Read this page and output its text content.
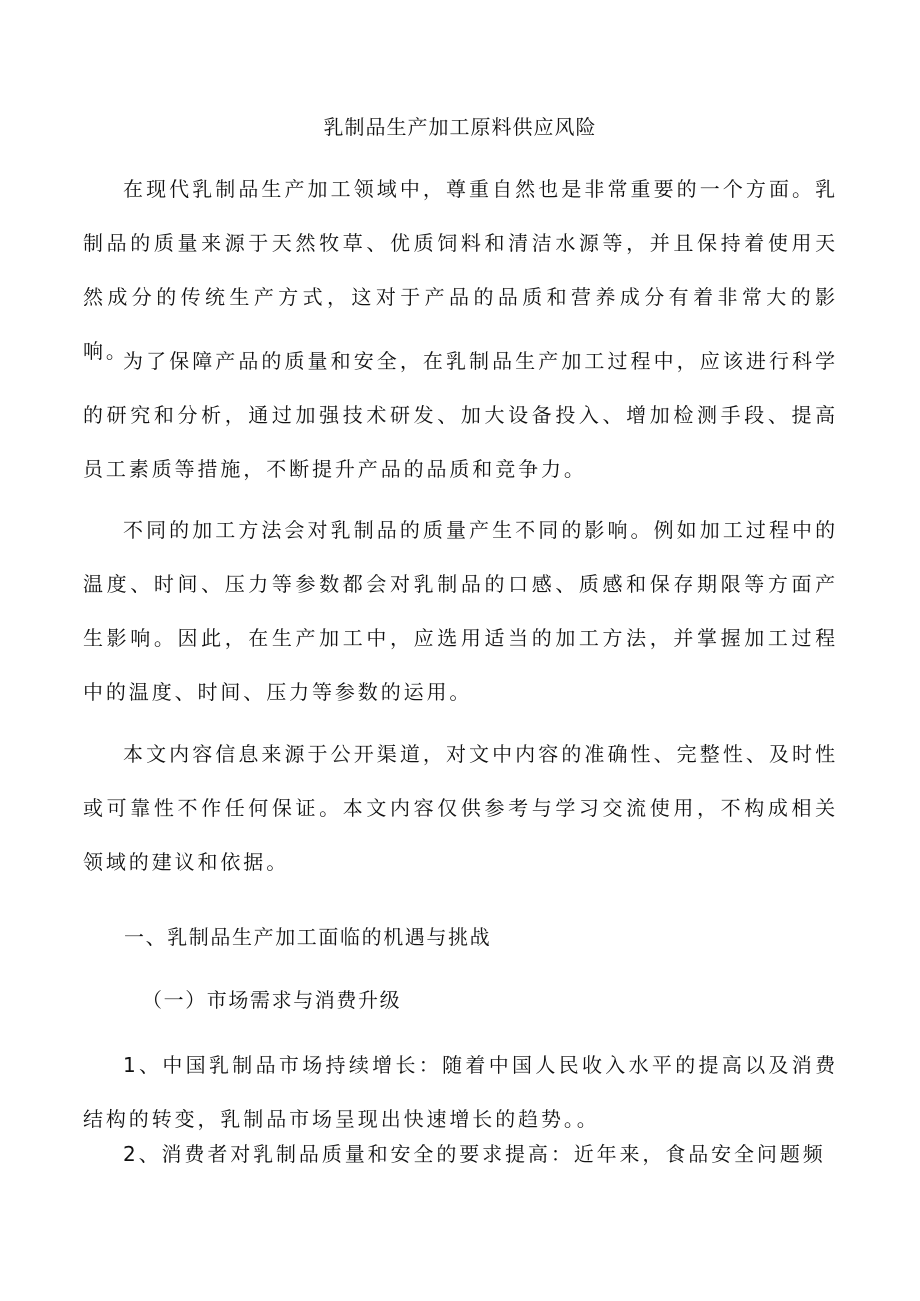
乳制品生产加工原料供应风险

在现代乳制品生产加工领域中，尊重自然也是非常重要的一个方面。乳制品的质量来源于天然牧草、优质饲料和清洁水源等，并且保持着使用天然成分的传统生产方式，这对于产品的品质和营养成分有着非常大的影响。

为了保障产品的质量和安全，在乳制品生产加工过程中，应该进行科学的研究和分析，通过加强技术研发、加大设备投入、增加检测手段、提高员工素质等措施，不断提升产品的品质和竞争力。

不同的加工方法会对乳制品的质量产生不同的影响。例如加工过程中的温度、时间、压力等参数都会对乳制品的口感、质感和保存期限等方面产生影响。因此，在生产加工中，应选用适当的加工方法，并掌握加工过程中的温度、时间、压力等参数的运用。

本文内容信息来源于公开渠道，对文中内容的准确性、完整性、及时性或可靠性不作任何保证。本文内容仅供参考与学习交流使用，不构成相关领域的建议和依据。

一、乳制品生产加工面临的机遇与挑战
（一）市场需求与消费升级

1、中国乳制品市场持续增长：随着中国人民收入水平的提高以及消费结构的转变，乳制品市场呈现出快速增长的趋势。。

2、消费者对乳制品质量和安全的要求提高：近年来，食品安全问题频
